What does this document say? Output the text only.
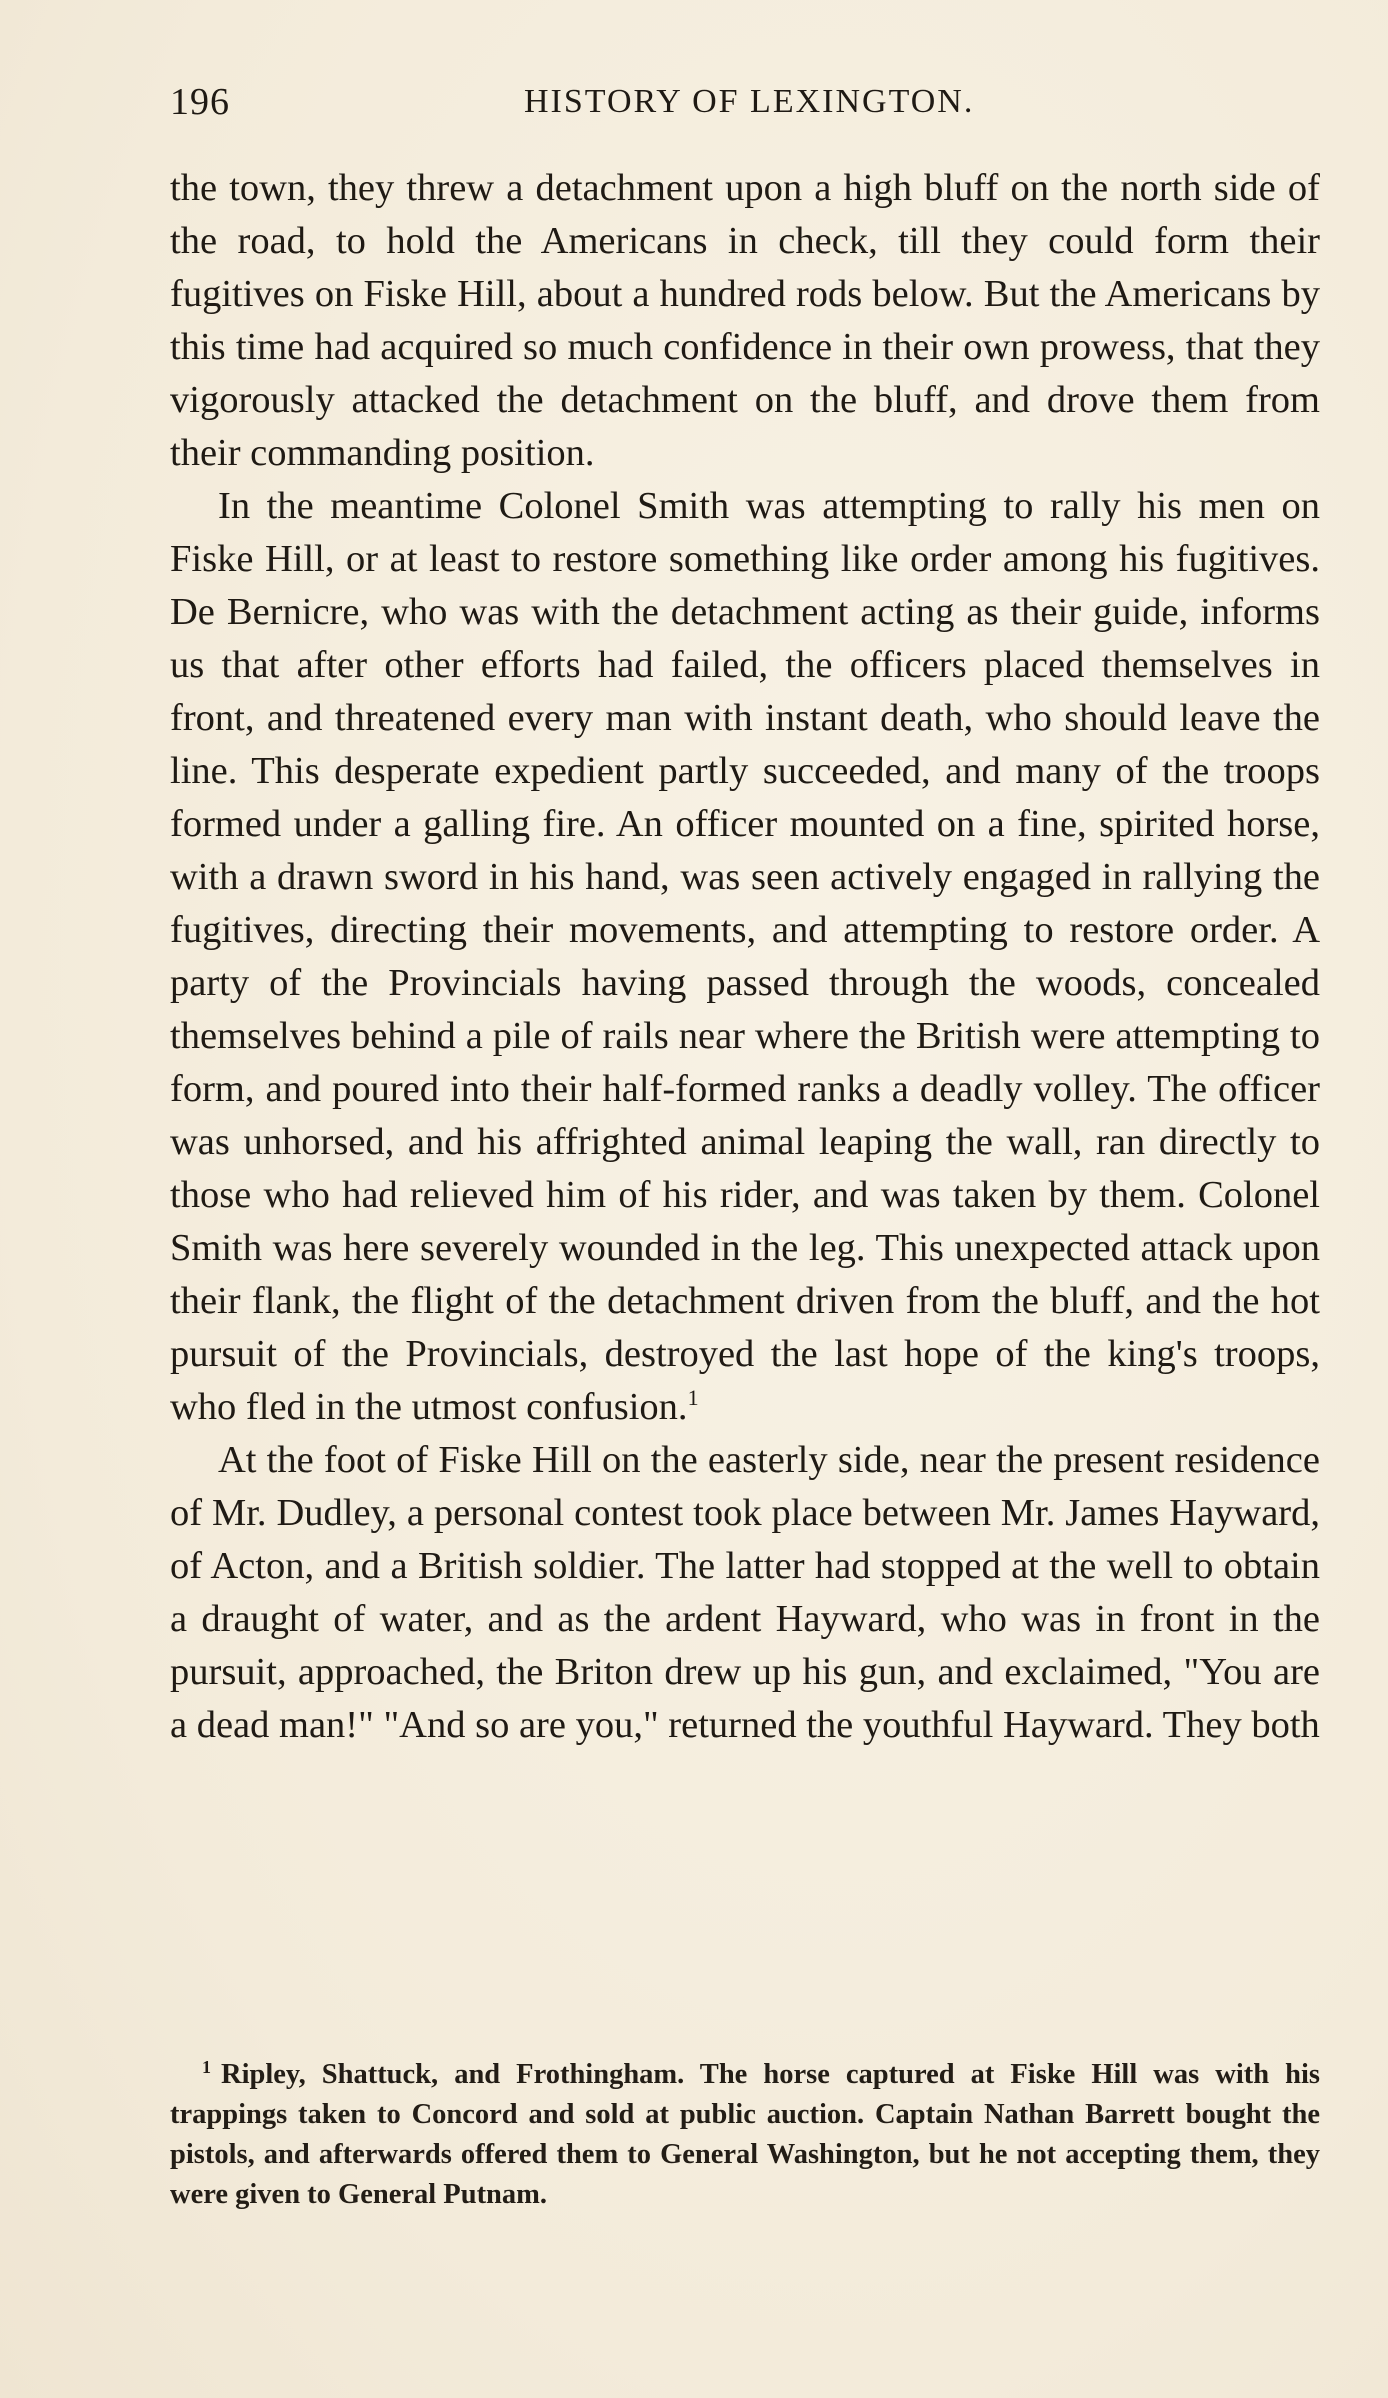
196	HISTORY OF LEXINGTON.

the town, they threw a detachment upon a high bluff on the north side of the road, to hold the Americans in check, till they could form their fugitives on Fiske Hill, about a hundred rods below. But the Americans by this time had acquired so much confidence in their own prowess, that they vigorously attacked the detachment on the bluff, and drove them from their commanding position.

In the meantime Colonel Smith was attempting to rally his men on Fiske Hill, or at least to restore something like order among his fugitives. De Bernicre, who was with the detachment acting as their guide, informs us that after other efforts had failed, the officers placed themselves in front, and threatened every man with instant death, who should leave the line. This desperate expedient partly succeeded, and many of the troops formed under a galling fire. An officer mounted on a fine, spirited horse, with a drawn sword in his hand, was seen actively engaged in rallying the fugitives, directing their movements, and attempting to restore order. A party of the Provincials having passed through the woods, concealed themselves behind a pile of rails near where the British were attempting to form, and poured into their half-formed ranks a deadly volley. The officer was unhorsed, and his affrighted animal leaping the wall, ran directly to those who had relieved him of his rider, and was taken by them. Colonel Smith was here severely wounded in the leg. This unexpected attack upon their flank, the flight of the detachment driven from the bluff, and the hot pursuit of the Provincials, destroyed the last hope of the king's troops, who fled in the utmost confusion.$^1$

At the foot of Fiske Hill on the easterly side, near the present residence of Mr. Dudley, a personal contest took place between Mr. James Hayward, of Acton, and a British soldier. The latter had stopped at the well to obtain a draught of water, and as the ardent Hayward, who was in front in the pursuit, approached, the Briton drew up his gun, and exclaimed, "You are a dead man!" "And so are you," returned the youthful Hayward. They both

$^1$ Ripley, Shattuck, and Frothingham. The horse captured at Fiske Hill was with his trappings taken to Concord and sold at public auction. Captain Nathan Barrett bought the pistols, and afterwards offered them to General Washington, but he not accepting them, they were given to General Putnam.
